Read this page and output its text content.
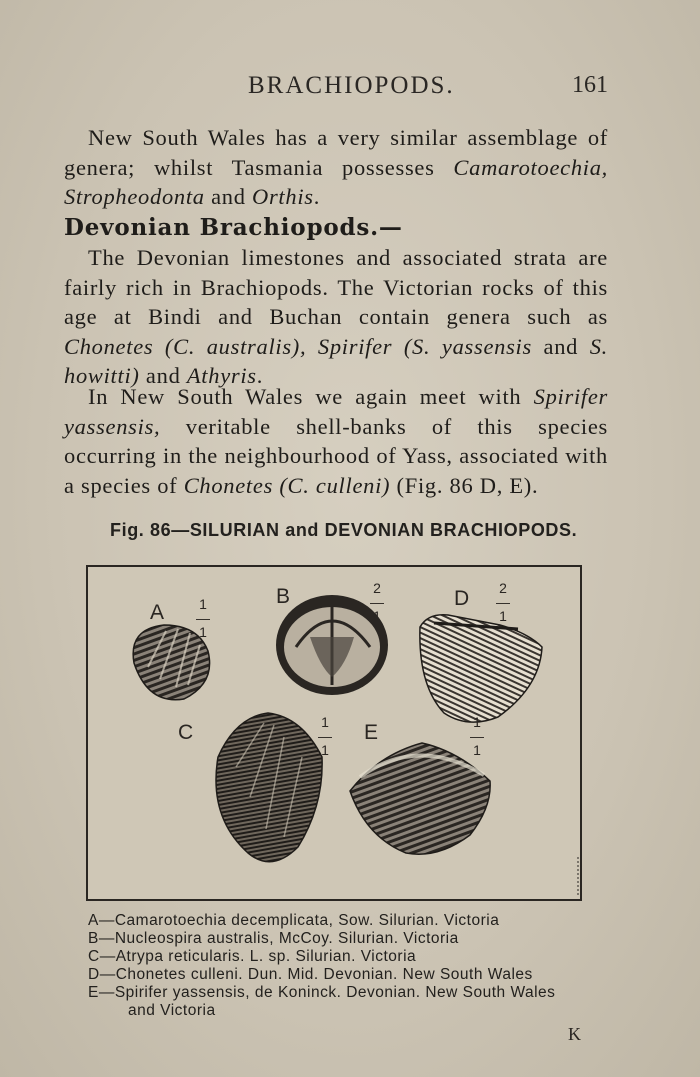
BRACHIOPODS.	161

New South Wales has a very similar assemblage of genera; whilst Tasmania possesses Camarotoechia, Stropheodonta and Orthis.

Devonian Brachiopods.—

The Devonian limestones and associated strata are fairly rich in Brachiopods. The Victorian rocks of this age at Bindi and Buchan contain genera such as Chonetes (C. australis), Spirifer (S. yassensis and S. howitti) and Athyris.

In New South Wales we again meet with Spirifer yassensis, veritable shell-banks of this species occurring in the neighbourhood of Yass, associated with a species of Chonetes (C. culleni) (Fig. 86 D, E).

Fig. 86—SILURIAN and DEVONIAN BRACHIOPODS.

A
B	D
C	E
1
—
1
2
—
1
2
—
1
1
—
1
1
—
1
A—Camarotoechia decemplicata, Sow. Silurian. Victoria
B—Nucleospira australis, McCoy. Silurian. Victoria
C—Atrypa reticularis. L. sp. Silurian. Victoria
D—Chonetes culleni. Dun. Mid. Devonian. New South Wales
E—Spirifer yassensis, de Koninck. Devonian. New South Wales
and Victoria
K
